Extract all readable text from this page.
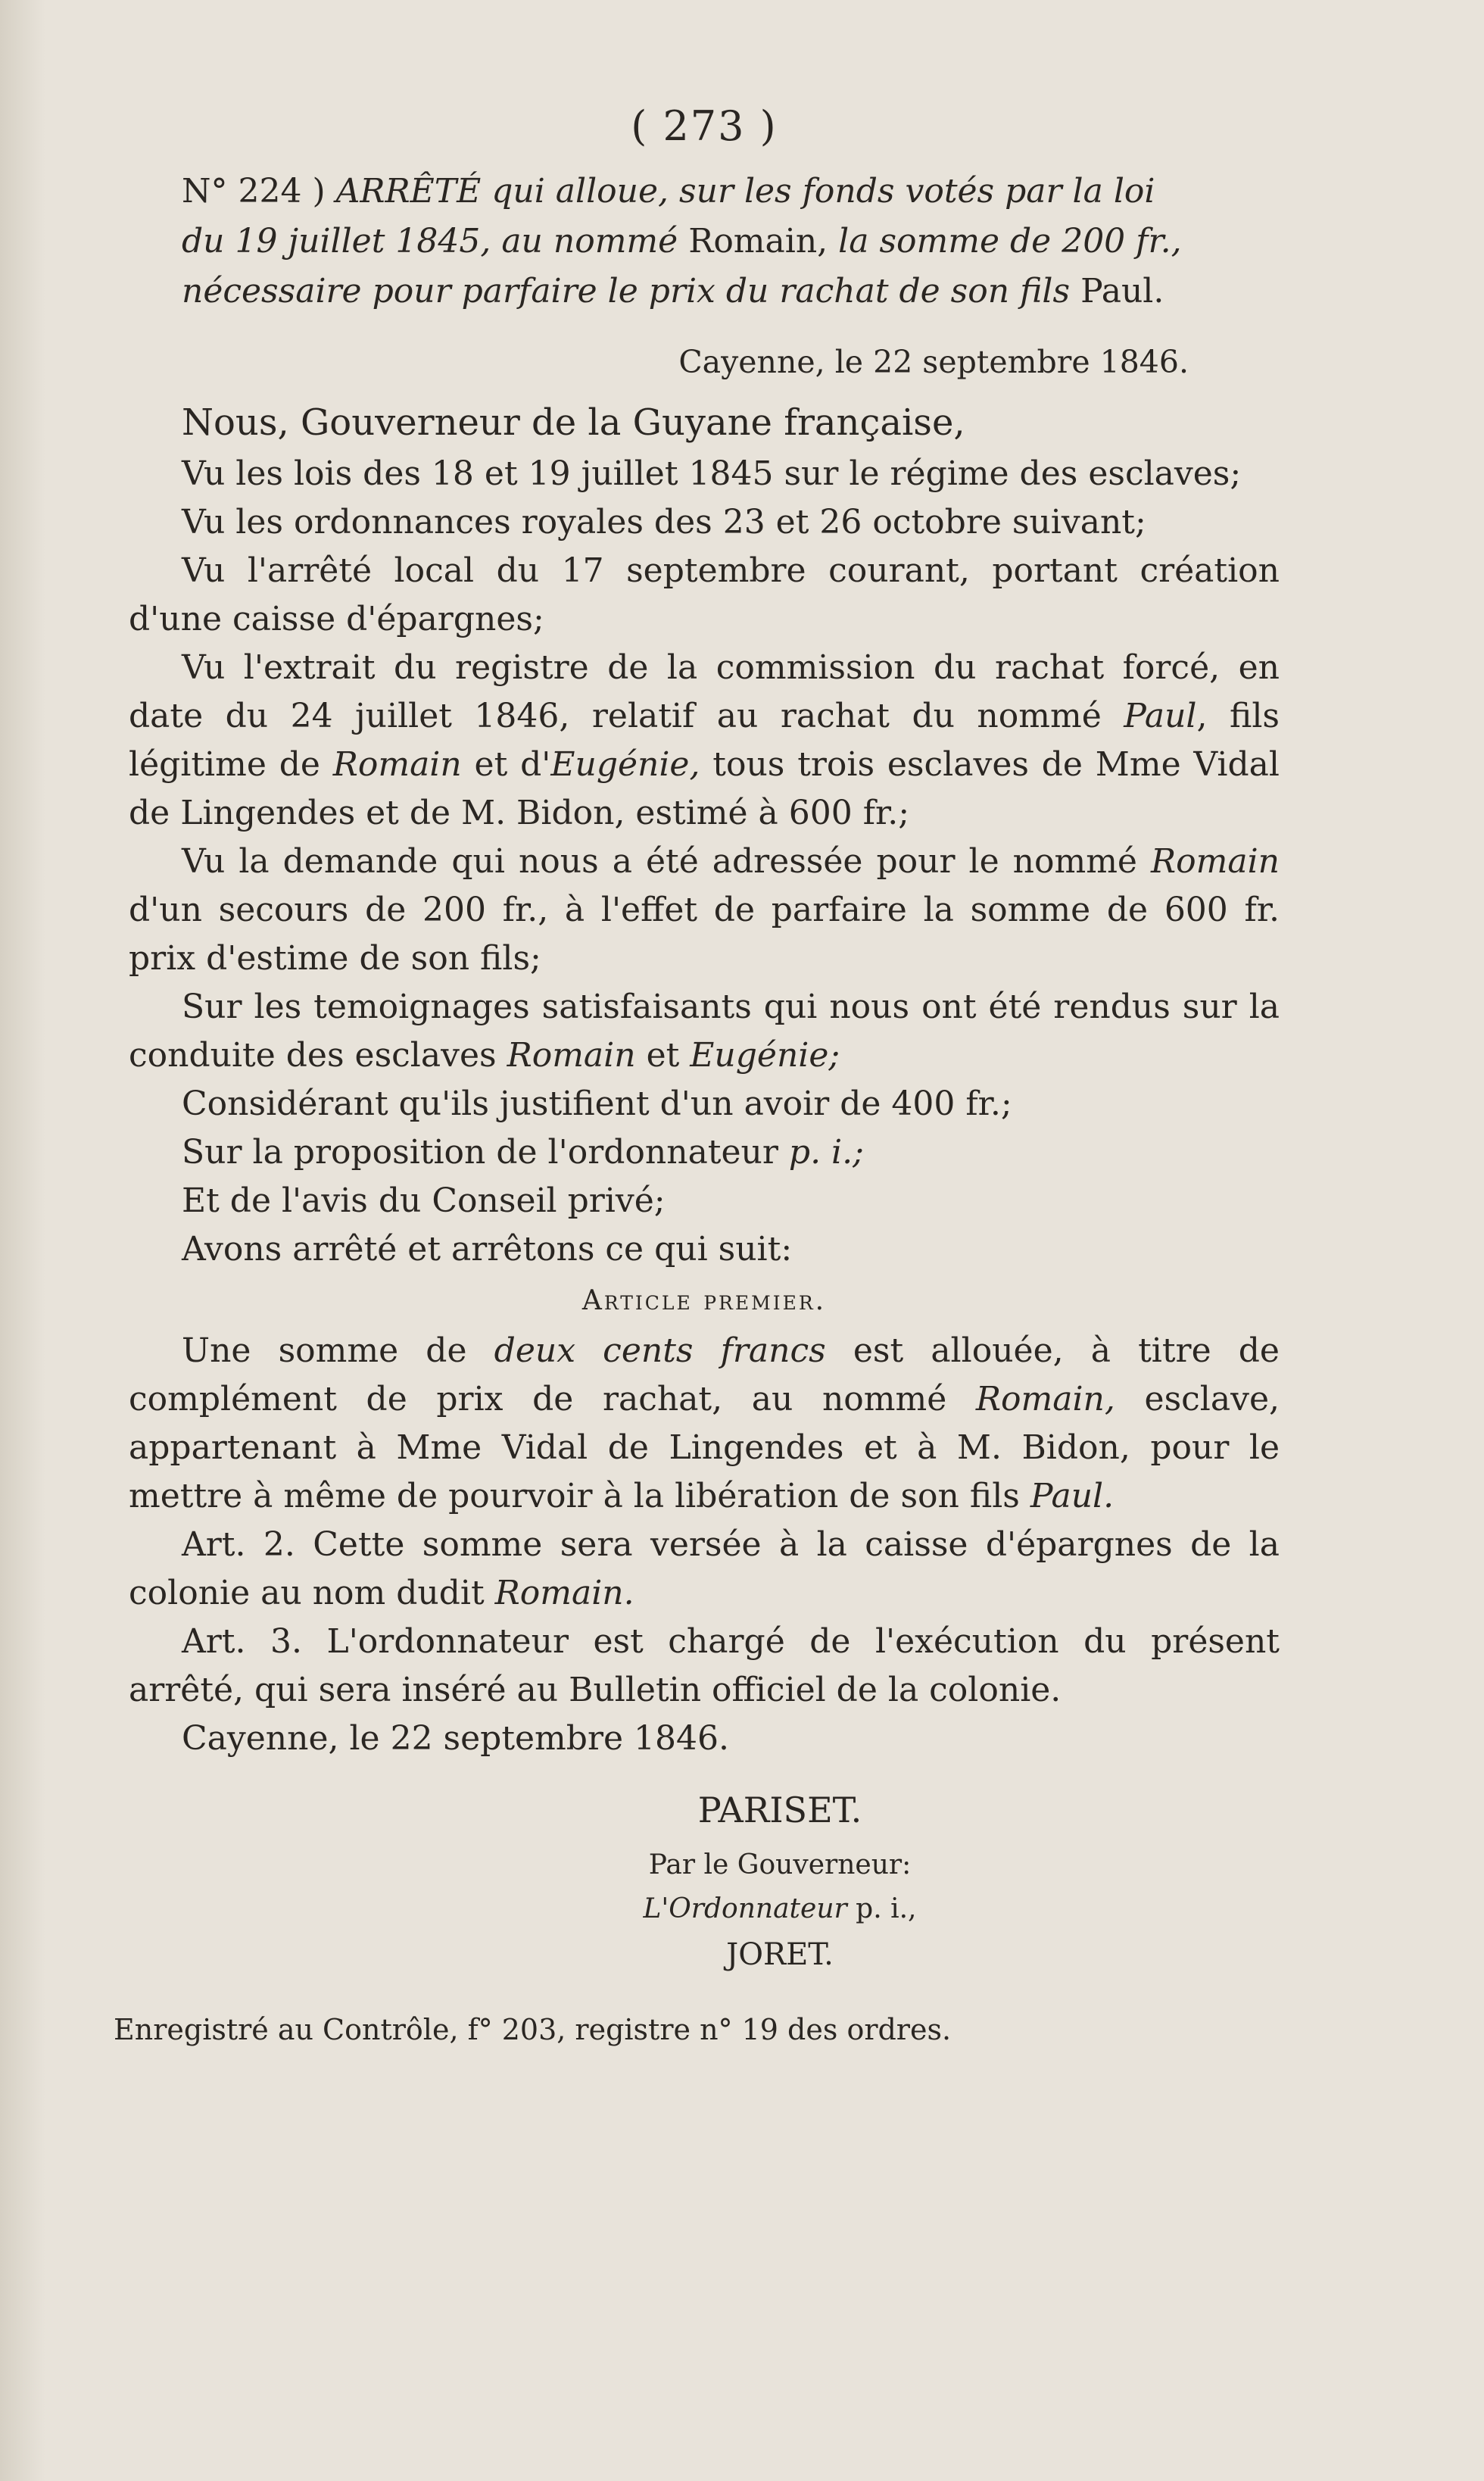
( 273 )
N° 224 ) ARRÊTÉ qui alloue, sur les fonds votés par la loi
du 19 juillet 1845, au nommé Romain, la somme de 200 fr.,
nécessaire pour parfaire le prix du rachat de son fils Paul.
Cayenne, le 22 septembre 1846.

Nous, Gouverneur de la Guyane française,

Vu les lois des 18 et 19 juillet 1845 sur le régime des esclaves;

Vu les ordonnances royales des 23 et 26 octobre suivant;

Vu l'arrêté local du 17 septembre courant, portant création d'une caisse d'épargnes;

Vu l'extrait du registre de la commission du rachat forcé, en date du 24 juillet 1846, relatif au rachat du nommé Paul, fils légitime de Romain et d'Eugénie, tous trois esclaves de Mme Vidal de Lingendes et de M. Bidon, estimé à 600 fr.;

Vu la demande qui nous a été adressée pour le nommé Romain d'un secours de 200 fr., à l'effet de parfaire la somme de 600 fr. prix d'estime de son fils;

Sur les temoignages satisfaisants qui nous ont été rendus sur la conduite des esclaves Romain et Eugénie;

Considérant qu'ils justifient d'un avoir de 400 fr.;

Sur la proposition de l'ordonnateur p. i.;

Et de l'avis du Conseil privé;

Avons arrêté et arrêtons ce qui suit:

Article premier.

Une somme de deux cents francs est allouée, à titre de complément de prix de rachat, au nommé Romain, esclave, appartenant à Mme Vidal de Lingendes et à M. Bidon, pour le mettre à même de pourvoir à la libération de son fils Paul.

Art. 2. Cette somme sera versée à la caisse d'épargnes de la colonie au nom dudit Romain.

Art. 3. L'ordonnateur est chargé de l'exécution du présent arrêté, qui sera inséré au Bulletin officiel de la colonie.

Cayenne, le 22 septembre 1846.

PARISET.
Par le Gouverneur:
L'Ordonnateur p. i.,
JORET.
Enregistré au Contrôle, f° 203, registre n° 19 des ordres.
